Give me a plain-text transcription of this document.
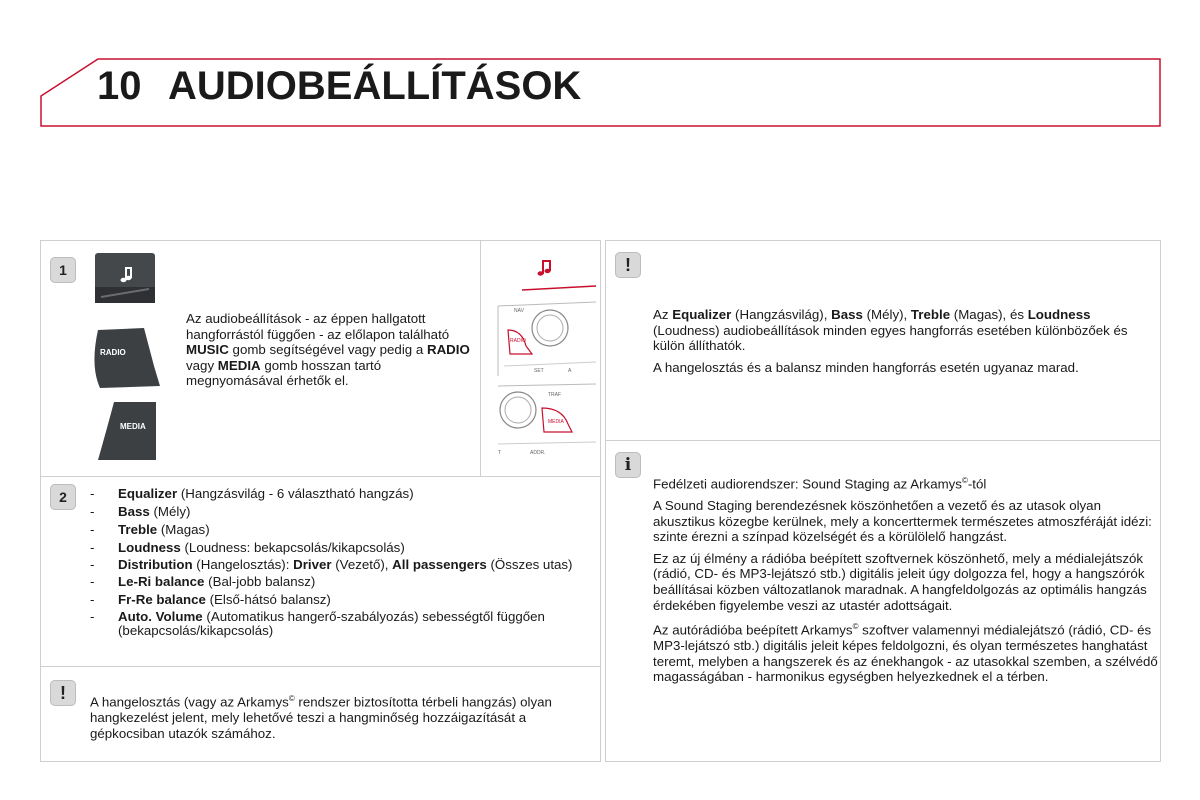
10 AUDIOBEÁLLÍTÁSOK
1
RADIO
MEDIA
Az audiobeállítások - az éppen hallgatott hangforrástól függően - az előlapon található MUSIC gomb segítségével vagy pedig a RADIO vagy MEDIA gomb hosszan tartó megnyomásával érhetők el.
NAV
RADIO
SET	A
TRAF
MEDIA
T	ADDR.
2
-	Equalizer (Hangzásvilág - 6 választható hangzás)
- Bass (Mély)
- Treble (Magas)
- Loudness (Loudness: bekapcsolás/kikapcsolás)
- Distribution (Hangelosztás): Driver (Vezető), All passengers (Összes utas)
- Le-Ri balance (Bal-jobb balansz)
- Fr-Re balance (Első-hátsó balansz)
- Auto. Volume (Automatikus hangerő-szabályozás) sebességtől függően (bekapcsolás/kikapcsolás)
!	A hangelosztás (vagy az Arkamys© rendszer biztosította térbeli hangzás) olyan hangkezelést jelent, mely lehetővé teszi a hangminőség hozzáigazítását a gépkocsiban utazók számához.
!

Az Equalizer (Hangzásvilág), Bass (Mély), Treble (Magas), és Loudness (Loudness) audiobeállítások minden egyes hangforrás esetében különbözőek és külön állíthatók.

A hangelosztás és a balansz minden hangforrás esetén ugyanaz marad.

i

Fedélzeti audiorendszer: Sound Staging az Arkamys©-tól

A Sound Staging berendezésnek köszönhetően a vezető és az utasok olyan akusztikus közegbe kerülnek, mely a koncerttermek természetes atmoszféráját idézi: szinte érezni a színpad közelségét és a körülölelő hangzást.

Ez az új élmény a rádióba beépített szoftvernek köszönhető, mely a médialejátszók (rádió, CD- és MP3-lejátszó stb.) digitális jeleit úgy dolgozza fel, hogy a hangszórók beállításai közben változatlanok maradnak. A hangfeldolgozás az optimális hangzás érdekében figyelembe veszi az utastér adottságait.

Az autórádióba beépített Arkamys© szoftver valamennyi médialejátszó (rádió, CD- és MP3-lejátszó stb.) digitális jeleit képes feldolgozni, és olyan természetes hanghatást teremt, melyben a hangszerek és az énekhangok - az utasokkal szemben, a szélvédő magasságában - harmonikus egységben helyezkednek el a térben.
